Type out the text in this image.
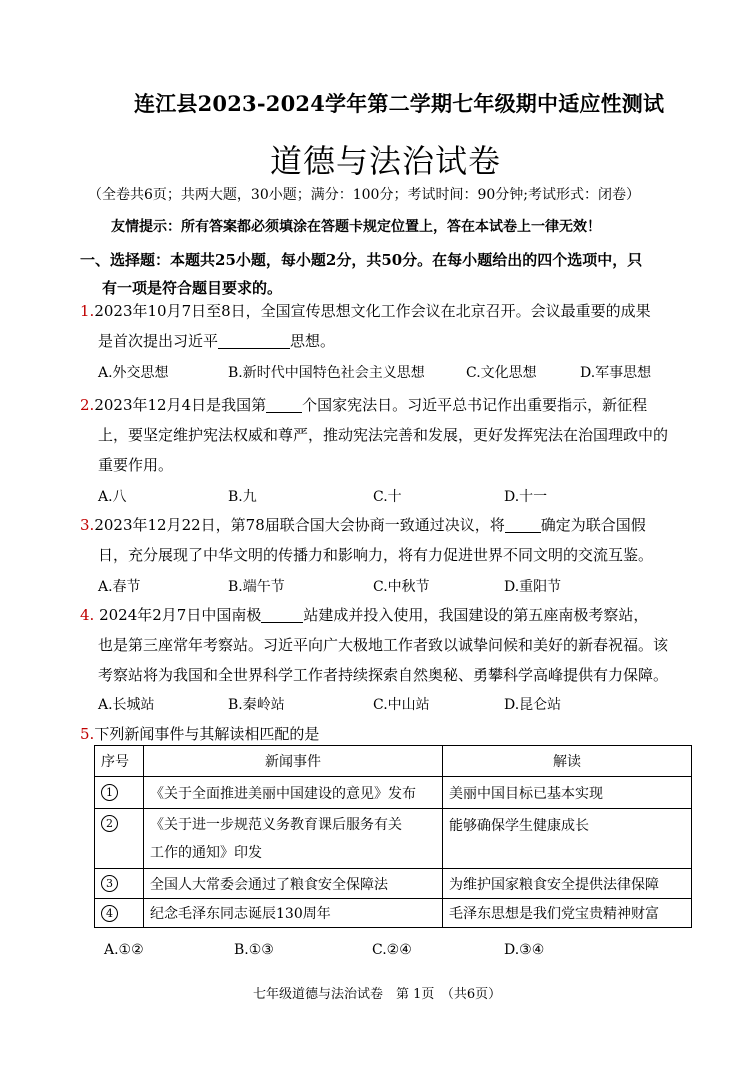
连江县2023-2024学年第二学期七年级期中适应性测试
道德与法治试卷
（全卷共6页；共两大题，30小题；满分：100分；考试时间：90分钟;考试形式：闭卷）
友情提示：所有答案都必须填涂在答题卡规定位置上，答在本试卷上一律无效！
一、选择题：本题共25小题，每小题2分，共50分。在每小题给出的四个选项中，只
有一项是符合题目要求的。
1.2023年10月7日至8日，全国宣传思想文化工作会议在北京召开。会议最重要的成果
是首次提出习近平	思想。
A.外交思想	B.新时代中国特色社会主义思想	C.文化思想	D.军事思想
2.2023年12月4日是我国第 个国家宪法日。习近平总书记作出重要指示，新征程
上，要坚定维护宪法权威和尊严，推动宪法完善和发展，更好发挥宪法在治国理政中的
重要作用。
A.八	B.九	C.十	D.十一
3.2023年12月22日，第78届联合国大会协商一致通过决议，将 确定为联合国假
日，充分展现了中华文明的传播力和影响力，将有力促进世界不同文明的交流互鉴。
A.春节	B.端午节	C.中秋节	D.重阳节
4. 2024年2月7日中国南极	站建成并投入使用，我国建设的第五座南极考察站，
也是第三座常年考察站。习近平向广大极地工作者致以诚挚问候和美好的新春祝福。该
考察站将为我国和全世界科学工作者持续探索自然奥秘、勇攀科学高峰提供有力保障。
A.长城站	B.秦岭站	C.中山站	D.昆仑站
5.下列新闻事件与其解读相匹配的是
序号	新闻事件	解读
1	《关于全面推进美丽中国建设的意见》发布	美丽中国目标已基本实现
2	《关于进一步规范义务教育课后服务有关
工作的通知》印发	能够确保学生健康成长
3	全国人大常委会通过了粮食安全保障法	为维护国家粮食安全提供法律保障
4	纪念毛泽东同志诞辰130周年	毛泽东思想是我们党宝贵精神财富
A.①②	B.①③	C.②④	D.③④
七年级道德与法治试卷　第 1页　（共6页）
